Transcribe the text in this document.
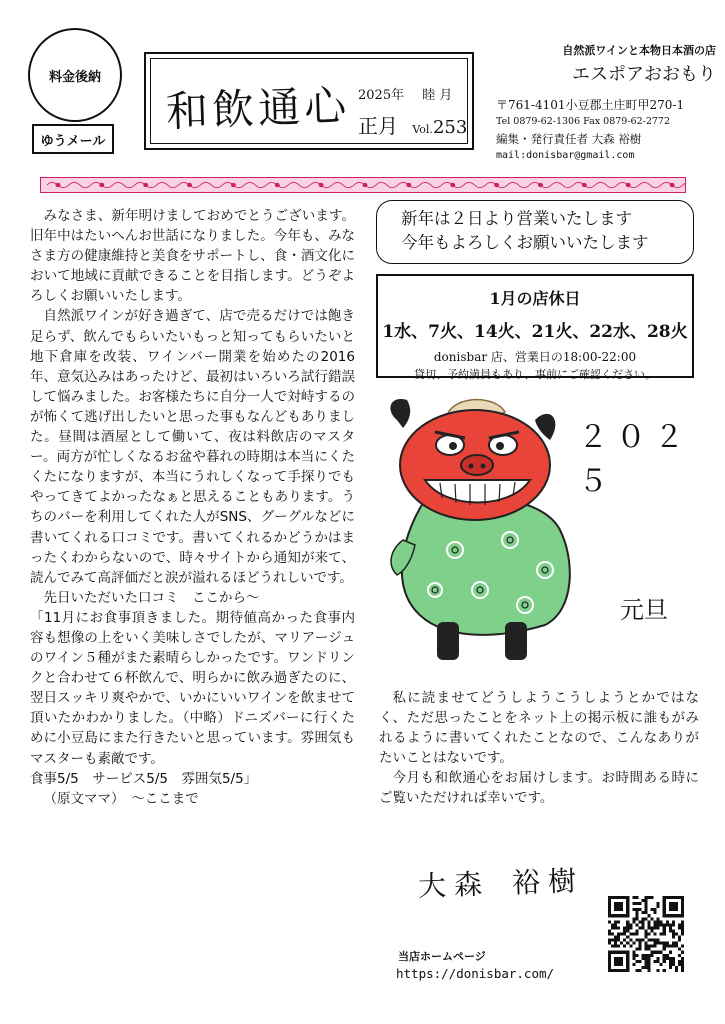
料金後納
ゆうメール
和飲通心 2025年 睦 月
正月 Vol.253
自然派ワインと本物日本酒の店
エスポアおおもり
〒761-4101小豆郡土庄町甲270-1
Tel 0879-62-1306 Fax 0879-62-2772
編集・発行責任者 大森 裕樹
mail:donisbar@gmail.com

みなさま、新年明けましておめでとうございます。旧年中はたいへんお世話になりました。今年も、みなさま方の健康維持と美食をサポートし、食・酒文化において地域に貢献できることを目指します。どうぞよろしくお願いいたします。

自然派ワインが好き過ぎて、店で売るだけでは飽き足らず、飲んでもらいたいもっと知ってもらいたいと地下倉庫を改装、ワインバー開業を始めたの2016年、意気込みはあったけど、最初はいろいろ試行錯誤して悩みました。お客様たちに自分一人で対峙するのが怖くて逃げ出したいと思った事もなんどもありました。昼間は酒屋として働いて、夜は料飲店のマスター。両方が忙しくなるお盆や暮れの時期は本当にくたくたになりますが、本当にうれしくなって手探りでもやってきてよかったなぁと思えることもあります。うちのバーを利用してくれた人がSNS、グーグルなどに書いてくれる口コミです。書いてくれるかどうかはまったくわからないので、時々サイトから通知が来て、読んでみて高評価だと涙が溢れるほどうれしいです。

先日いただいた口コミ　ここから～

「11月にお食事頂きました。期待値高かった食事内容も想像の上をいく美味しさでしたが、マリアージュのワイン５種がまた素晴らしかったです。ワンドリンクと合わせて６杯飲んで、明らかに飲み過ぎたのに、翌日スッキリ爽やかで、いかにいいワインを飲ませて頂いたかわかりました。（中略）ドニズバーに行くために小豆島にまた行きたいと思っています。雰囲気もマスターも素敵です。

食事5/5　サービス5/5　雰囲気5/5」

（原文ママ）　～ここまで

新年は２日より営業いたします
今年もよろしくお願いいたします
1月の店休日
1水、7火、14火、21火、22水、28火
donisbar 店、営業日の18:00-22:00
貸切、予約満員もあり、事前にご確認ください。
２０２５
元旦

私に読ませてどうしようこうしようとかではなく、ただ思ったことをネット上の掲示板に誰もがみれるように書いてくれたことなので、こんなありがたいことはないです。

今月も和飲通心をお届けします。お時間ある時にご覧いただければ幸いです。

大森 裕樹
当店ホームページ
https://donisbar.com/
